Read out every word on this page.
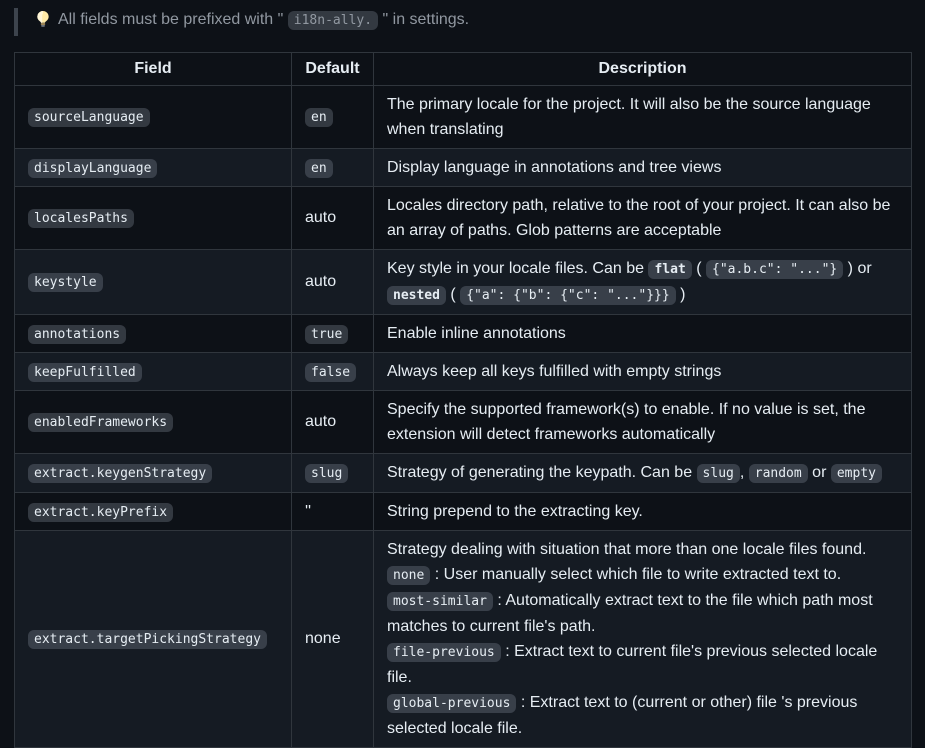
All fields must be prefixed with " i18n-ally. " in settings.
Field	Default	Description
sourceLanguage	en	The primary locale for the project. It will also be the source language when translating
displayLanguage	en	Display language in annotations and tree views
localesPaths	auto	Locales directory path, relative to the root of your project. It can also be an array of paths. Glob patterns are acceptable
keystyle	auto	Key style in your locale files. Can be flat ( {"a.b.c": "..."} ) or nested ( {"a": {"b": {"c": "..."}}} )
annotations	true	Enable inline annotations
keepFulfilled	false	Always keep all keys fulfilled with empty strings
enabledFrameworks	auto	Specify the supported framework(s) to enable. If no value is set, the extension will detect frameworks automatically
extract.keygenStrategy	slug	Strategy of generating the keypath. Can be slug , random or empty
extract.keyPrefix	''	String prepend to the extracting key.
extract.targetPickingStrategy	none	Strategy dealing with situation that more than one locale files found.
none : User manually select which file to write extracted text to.
most-similar : Automatically extract text to the file which path most matches to current file's path.
file-previous : Extract text to current file's previous selected locale file.
global-previous : Extract text to (current or other) file 's previous selected locale file.
